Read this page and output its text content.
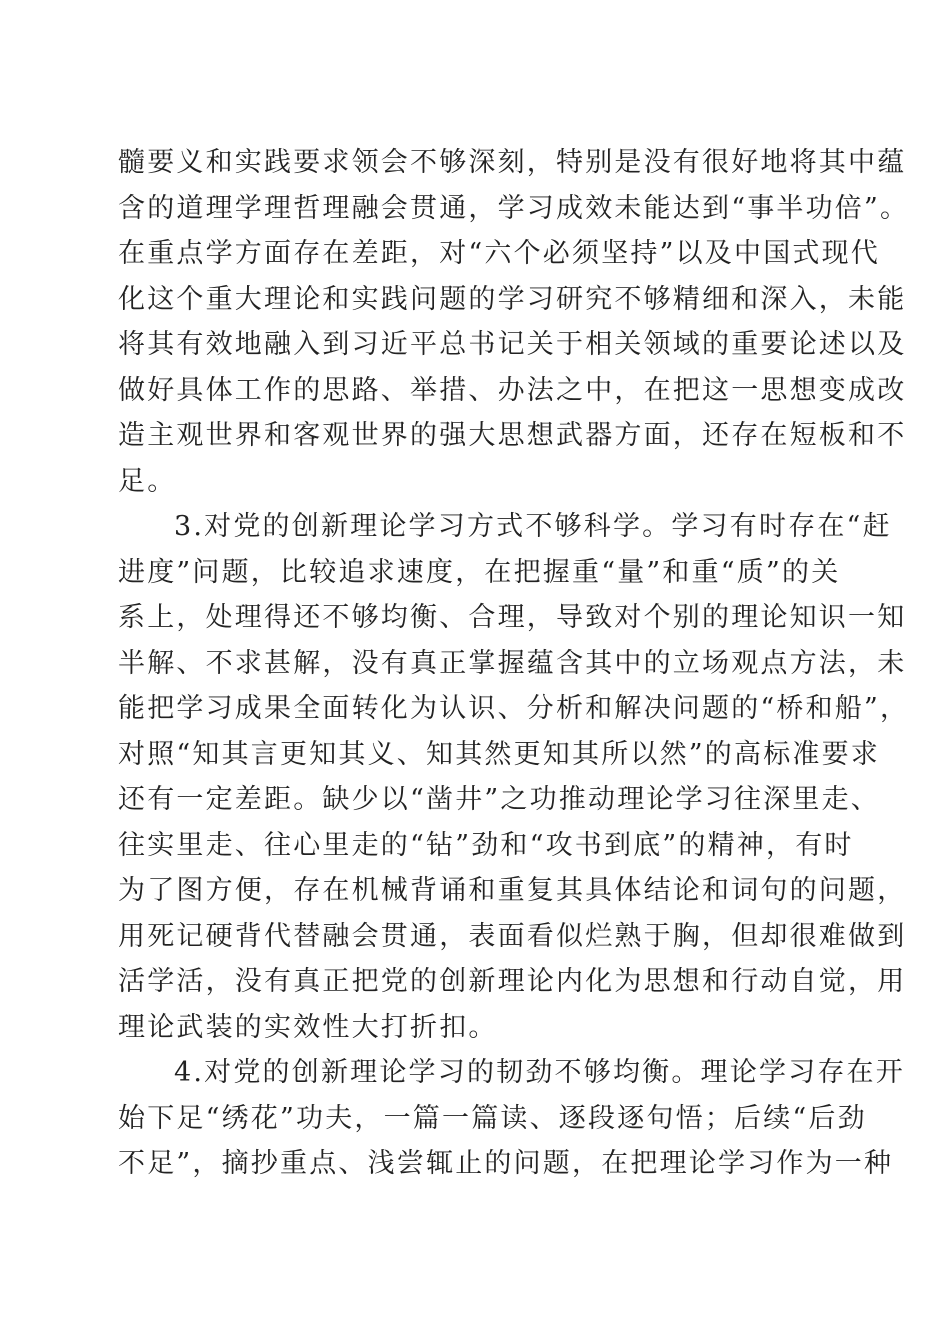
髓要义和实践要求领会不够深刻，特别是没有很好地将其中蕴
含的道理学理哲理融会贯通，学习成效未能达到“事半功倍”。
在重点学方面存在差距，对“六个必须坚持”以及中国式现代
化这个重大理论和实践问题的学习研究不够精细和深入，未能
将其有效地融入到习近平总书记关于相关领域的重要论述以及
做好具体工作的思路、举措、办法之中，在把这一思想变成改
造主观世界和客观世界的强大思想武器方面，还存在短板和不
足。
3.对党的创新理论学习方式不够科学。学习有时存在“赶
进度”问题，比较追求速度，在把握重“量”和重“质”的关
系上，处理得还不够均衡、合理，导致对个别的理论知识一知
半解、不求甚解，没有真正掌握蕴含其中的立场观点方法，未
能把学习成果全面转化为认识、分析和解决问题的“桥和船”，
对照“知其言更知其义、知其然更知其所以然”的高标准要求
还有一定差距。缺少以“凿井”之功推动理论学习往深里走、
往实里走、往心里走的“钻”劲和“攻书到底”的精神，有时
为了图方便，存在机械背诵和重复其具体结论和词句的问题，
用死记硬背代替融会贯通，表面看似烂熟于胸，但却很难做到
活学活，没有真正把党的创新理论内化为思想和行动自觉，用
理论武装的实效性大打折扣。
4.对党的创新理论学习的韧劲不够均衡。理论学习存在开
始下足“绣花”功夫，一篇一篇读、逐段逐句悟；后续“后劲
不足”，摘抄重点、浅尝辄止的问题，在把理论学习作为一种
